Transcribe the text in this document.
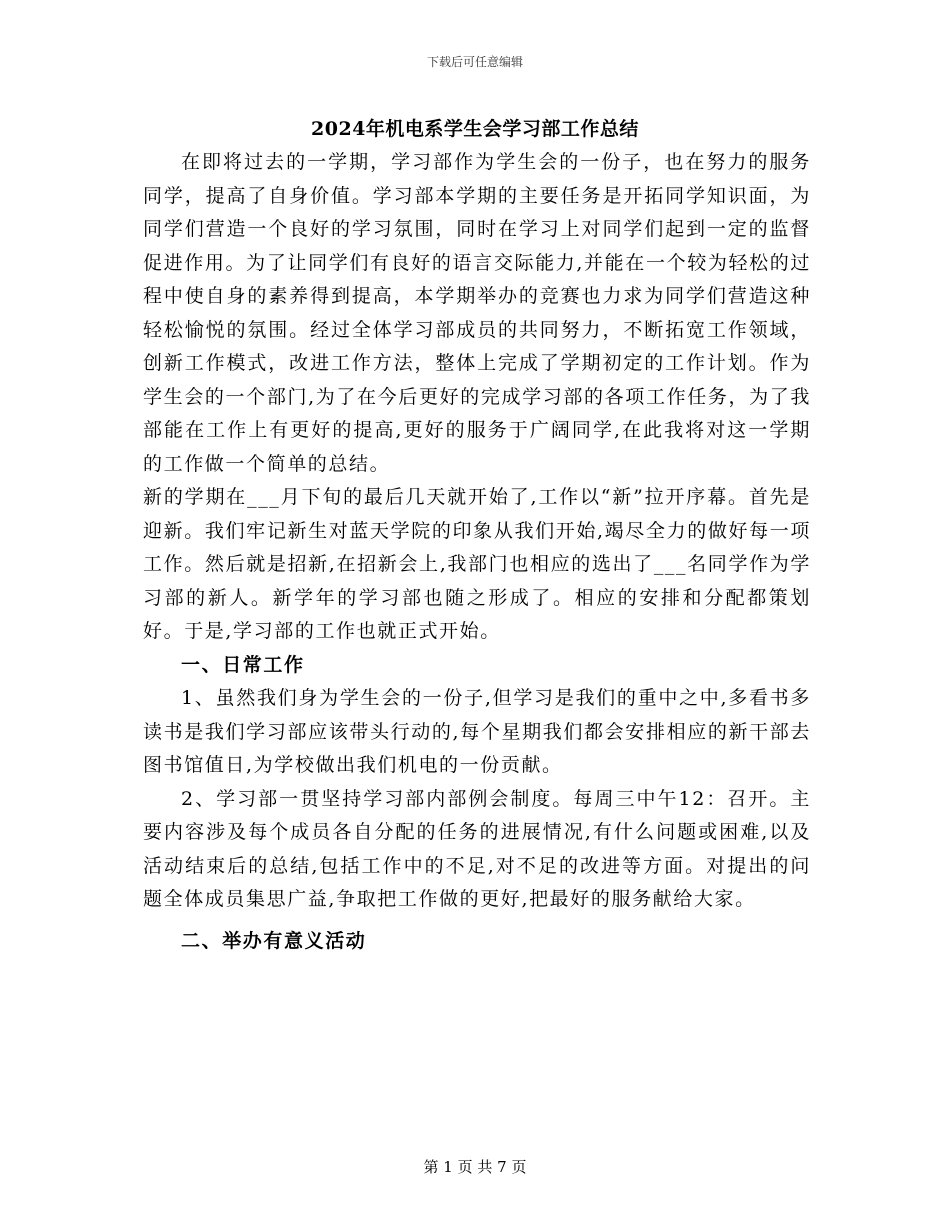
下载后可任意编辑
2024年机电系学生会学习部工作总结

在即将过去的一学期，学习部作为学生会的一份子，也在努力的服务同学，提高了自身价值。学习部本学期的主要任务是开拓同学知识面，为同学们营造一个良好的学习氛围，同时在学习上对同学们起到一定的监督促进作用。为了让同学们有良好的语言交际能力,并能在一个较为轻松的过程中使自身的素养得到提高，本学期举办的竞赛也力求为同学们营造这种轻松愉悦的氛围。经过全体学习部成员的共同努力，不断拓宽工作领域，创新工作模式，改进工作方法，整体上完成了学期初定的工作计划。作为学生会的一个部门,为了在今后更好的完成学习部的各项工作任务，为了我部能在工作上有更好的提高,更好的服务于广阔同学,在此我将对这一学期的工作做一个简单的总结。

新的学期在___月下旬的最后几天就开始了,工作以“新”拉开序幕。首先是迎新。我们牢记新生对蓝天学院的印象从我们开始,竭尽全力的做好每一项工作。然后就是招新,在招新会上,我部门也相应的选出了___名同学作为学习部的新人。新学年的学习部也随之形成了。相应的安排和分配都策划好。于是,学习部的工作也就正式开始。

一、日常工作

1、虽然我们身为学生会的一份子,但学习是我们的重中之中,多看书多读书是我们学习部应该带头行动的,每个星期我们都会安排相应的新干部去图书馆值日,为学校做出我们机电的一份贡献。

2、学习部一贯坚持学习部内部例会制度。每周三中午12：召开。主要内容涉及每个成员各自分配的任务的进展情况,有什么问题或困难,以及活动结束后的总结,包括工作中的不足,对不足的改进等方面。对提出的问题全体成员集思广益,争取把工作做的更好,把最好的服务献给大家。

二、举办有意义活动

第 1 页 共 7 页
